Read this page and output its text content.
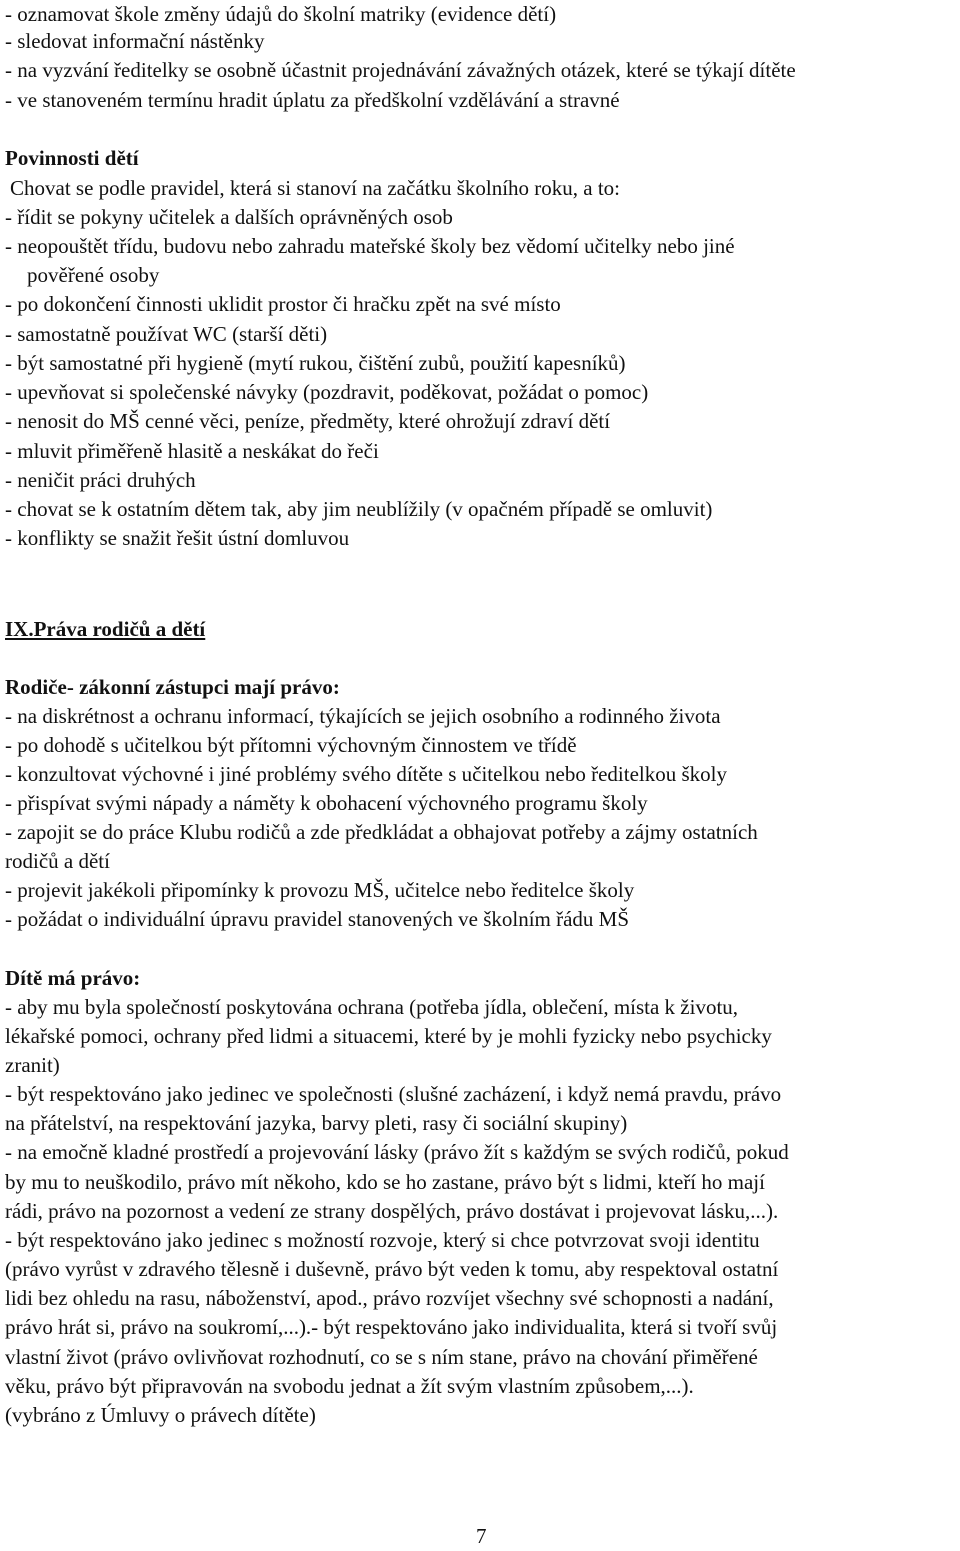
- oznamovat škole změny údajů do školní matriky (evidence dětí)
- sledovat informační nástěnky
- na vyzvání ředitelky se osobně účastnit projednávání závažných otázek, které se týkají dítěte
- ve stanoveném termínu hradit úplatu za předškolní vzdělávání a stravné
Povinnosti dětí
Chovat se podle pravidel, která si stanoví na začátku školního roku, a to:
- řídit se pokyny učitelek a dalších oprávněných osob
- neopouštět třídu, budovu nebo zahradu mateřské školy bez vědomí učitelky nebo jiné
pověřené osoby
- po dokončení činnosti uklidit prostor či hračku zpět na své místo
- samostatně používat WC (starší děti)
- být samostatné při hygieně (mytí rukou, čištění zubů, použití kapesníků)
- upevňovat si společenské návyky (pozdravit, poděkovat, požádat o pomoc)
- nenosit do MŠ cenné věci, peníze, předměty, které ohrožují zdraví dětí
- mluvit přiměřeně hlasitě a neskákat do řeči
- neničit práci druhých
- chovat se k ostatním dětem tak, aby jim neublížily (v opačném případě se omluvit)
- konflikty se snažit řešit ústní domluvou
IX.Práva rodičů a dětí
Rodiče- zákonní zástupci mají právo:
- na diskrétnost a ochranu informací, týkajících se jejich osobního a rodinného života
- po dohodě s učitelkou být přítomni výchovným činnostem ve třídě
- konzultovat výchovné i jiné problémy svého dítěte s učitelkou nebo ředitelkou školy
- přispívat svými nápady a náměty k obohacení výchovného programu školy
- zapojit se do práce Klubu rodičů a zde předkládat a obhajovat potřeby a zájmy ostatních
rodičů a dětí
- projevit jakékoli připomínky k provozu MŠ, učitelce nebo ředitelce školy
- požádat o individuální úpravu pravidel stanovených ve školním řádu MŠ
Dítě má právo:
- aby mu byla společností poskytována ochrana (potřeba jídla, oblečení, místa k životu,
lékařské pomoci, ochrany před lidmi a situacemi, které by je mohli fyzicky nebo psychicky
zranit)
- být respektováno jako jedinec ve společnosti (slušné zacházení, i když nemá pravdu, právo
na přátelství, na respektování jazyka, barvy pleti, rasy či sociální skupiny)
- na emočně kladné prostředí a projevování lásky (právo žít s každým se svých rodičů, pokud
by mu to neuškodilo, právo mít někoho, kdo se ho zastane, právo být s lidmi, kteří ho mají
rádi, právo na pozornost a vedení ze strany dospělých, právo dostávat i projevovat lásku,...).
- být respektováno jako jedinec s možností rozvoje, který si chce potvrzovat svoji identitu
(právo vyrůst v zdravého tělesně i duševně, právo být veden k tomu, aby respektoval ostatní
lidi bez ohledu na rasu, náboženství, apod., právo rozvíjet všechny své schopnosti a nadání,
právo hrát si, právo na soukromí,...).- být respektováno jako individualita, která si tvoří svůj
vlastní život (právo ovlivňovat rozhodnutí, co se s ním stane, právo na chování přiměřené
věku, právo být připravován na svobodu jednat a žít svým vlastním způsobem,...).
(vybráno z Úmluvy o právech dítěte)
7
